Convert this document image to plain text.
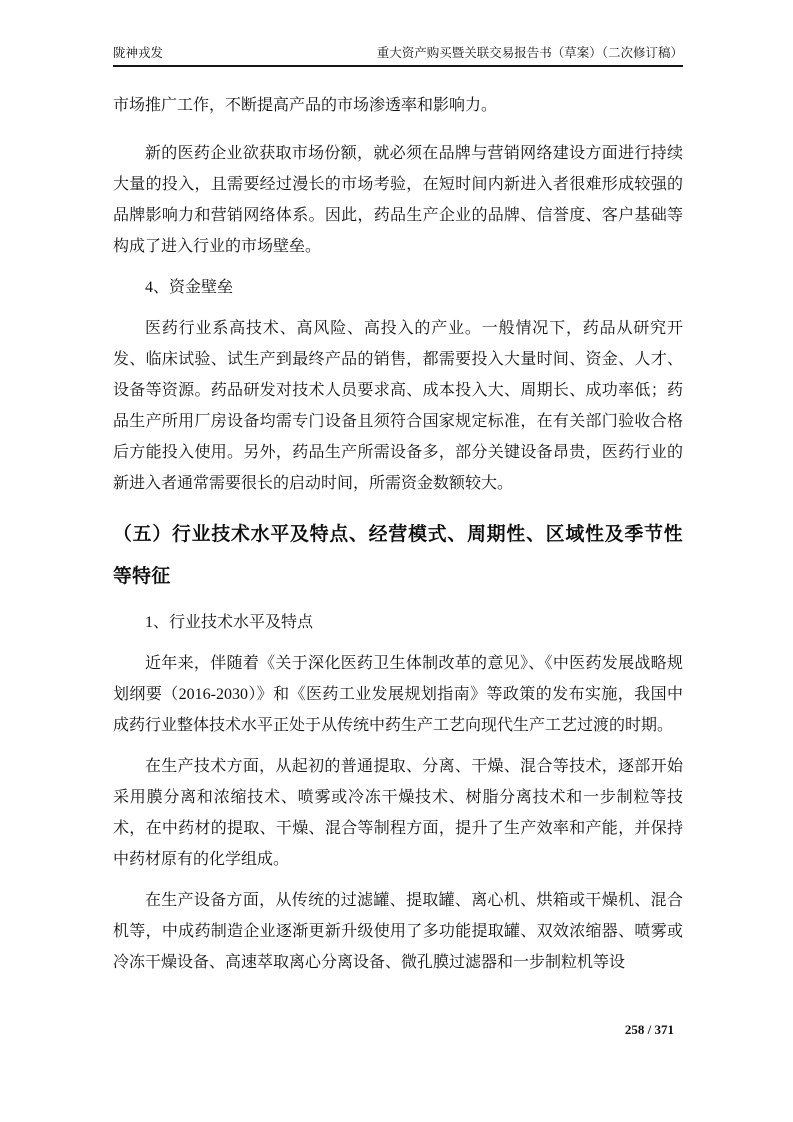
陇神戎发	重大资产购买暨关联交易报告书（草案）（二次修订稿）

市场推广工作，不断提高产品的市场渗透率和影响力。

新的医药企业欲获取市场份额，就必须在品牌与营销网络建设方面进行持续大量的投入，且需要经过漫长的市场考验，在短时间内新进入者很难形成较强的品牌影响力和营销网络体系。因此，药品生产企业的品牌、信誉度、客户基础等构成了进入行业的市场壁垒。

4、资金壁垒

医药行业系高技术、高风险、高投入的产业。一般情况下，药品从研究开发、临床试验、试生产到最终产品的销售，都需要投入大量时间、资金、人才、设备等资源。药品研发对技术人员要求高、成本投入大、周期长、成功率低；药品生产所用厂房设备均需专门设备且须符合国家规定标准，在有关部门验收合格后方能投入使用。另外，药品生产所需设备多，部分关键设备昂贵，医药行业的新进入者通常需要很长的启动时间，所需资金数额较大。

（五）行业技术水平及特点、经营模式、周期性、区域性及季节性等特征

1、行业技术水平及特点

近年来，伴随着《关于深化医药卫生体制改革的意见》、《中医药发展战略规划纲要（2016-2030）》和《医药工业发展规划指南》等政策的发布实施，我国中成药行业整体技术水平正处于从传统中药生产工艺向现代生产工艺过渡的时期。

在生产技术方面，从起初的普通提取、分离、干燥、混合等技术，逐部开始采用膜分离和浓缩技术、喷雾或冷冻干燥技术、树脂分离技术和一步制粒等技术，在中药材的提取、干燥、混合等制程方面，提升了生产效率和产能，并保持中药材原有的化学组成。

在生产设备方面，从传统的过滤罐、提取罐、离心机、烘箱或干燥机、混合机等，中成药制造企业逐渐更新升级使用了多功能提取罐、双效浓缩器、喷雾或冷冻干燥设备、高速萃取离心分离设备、微孔膜过滤器和一步制粒机等设

258 / 371
